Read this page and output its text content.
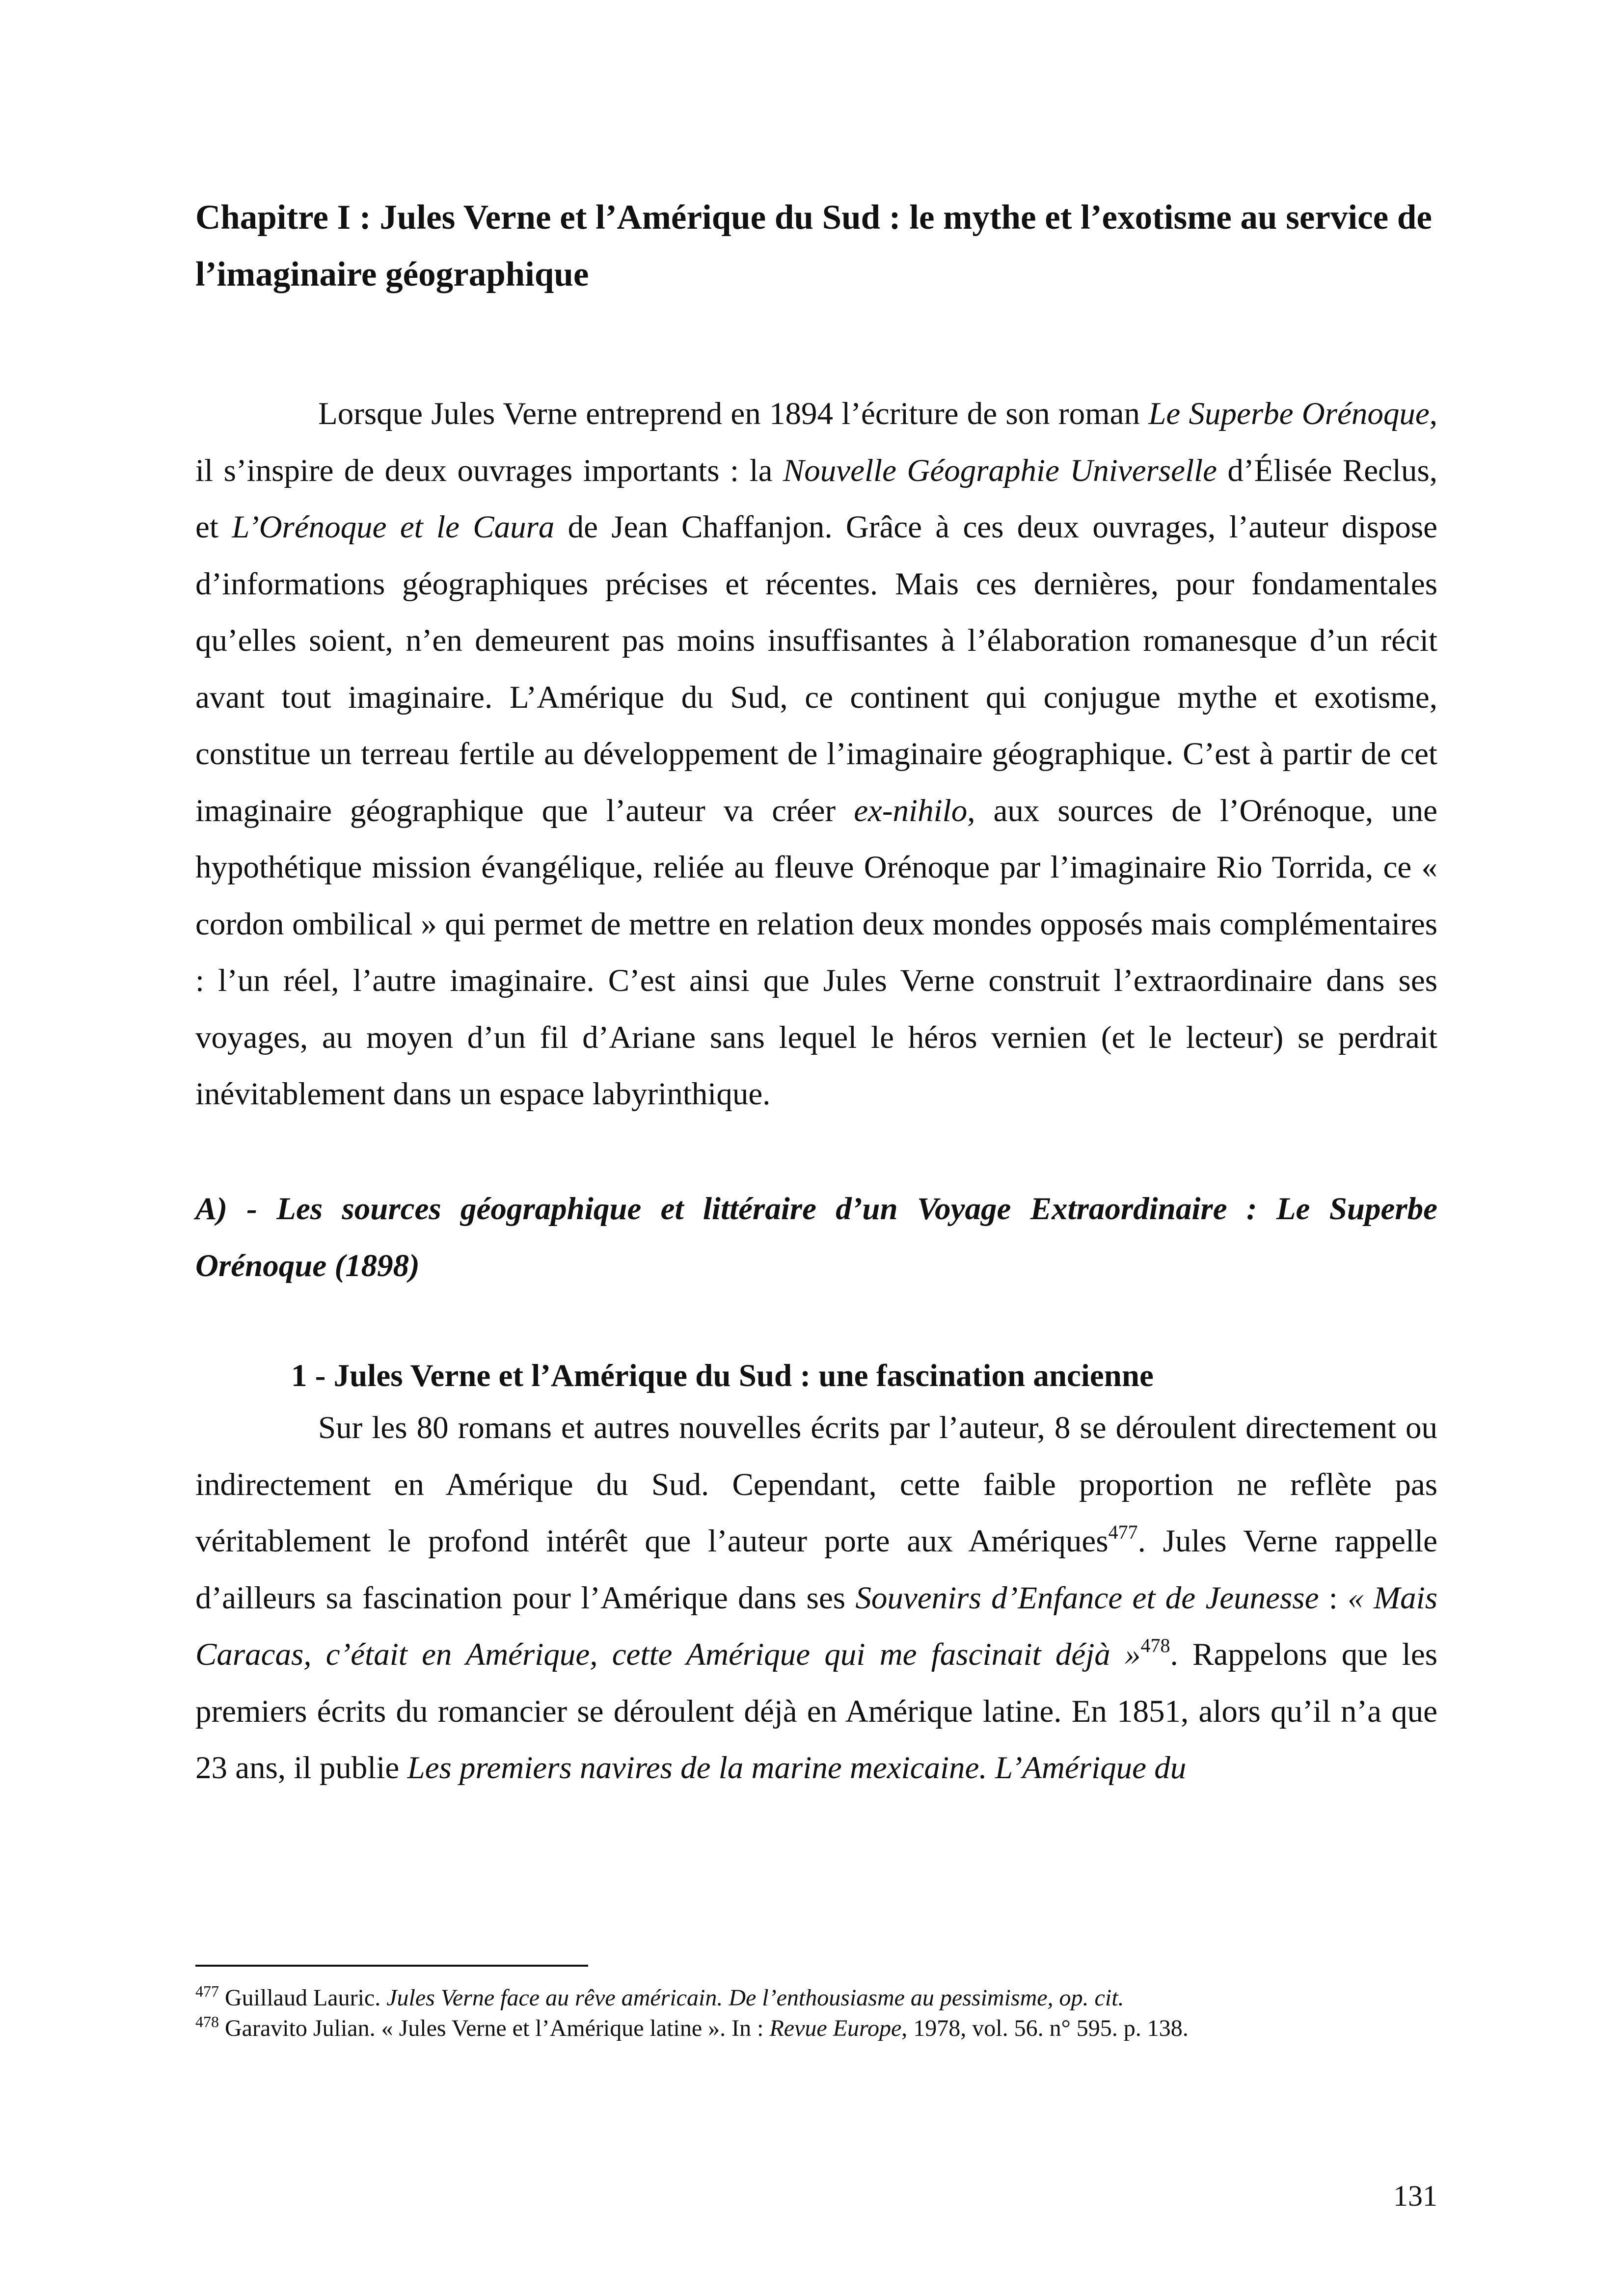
Chapitre I : Jules Verne et l’Amérique du Sud : le mythe et l’exotisme au service de l’imaginaire géographique
Lorsque Jules Verne entreprend en 1894 l’écriture de son roman Le Superbe Orénoque, il s’inspire de deux ouvrages importants : la Nouvelle Géographie Universelle d’Élisée Reclus, et L’Orénoque et le Caura de Jean Chaffanjon. Grâce à ces deux ouvrages, l’auteur dispose d’informations géographiques précises et récentes. Mais ces dernières, pour fondamentales qu’elles soient, n’en demeurent pas moins insuffisantes à l’élaboration romanesque d’un récit avant tout imaginaire. L’Amérique du Sud, ce continent qui conjugue mythe et exotisme, constitue un terreau fertile au développement de l’imaginaire géographique. C’est à partir de cet imaginaire géographique que l’auteur va créer ex-nihilo, aux sources de l’Orénoque, une hypothétique mission évangélique, reliée au fleuve Orénoque par l’imaginaire Rio Torrida, ce « cordon ombilical » qui permet de mettre en relation deux mondes opposés mais complémentaires : l’un réel, l’autre imaginaire. C’est ainsi que Jules Verne construit l’extraordinaire dans ses voyages, au moyen d’un fil d’Ariane sans lequel le héros vernien (et le lecteur) se perdrait inévitablement dans un espace labyrinthique.
A) - Les sources géographique et littéraire d’un Voyage Extraordinaire : Le Superbe Orénoque (1898)
1 - Jules Verne et l’Amérique du Sud : une fascination ancienne
Sur les 80 romans et autres nouvelles écrits par l’auteur, 8 se déroulent directement ou indirectement en Amérique du Sud. Cependant, cette faible proportion ne reflète pas véritablement le profond intérêt que l’auteur porte aux Amériques$^{477}$. Jules Verne rappelle d’ailleurs sa fascination pour l’Amérique dans ses Souvenirs d’Enfance et de Jeunesse : « Mais Caracas, c’était en Amérique, cette Amérique qui me fascinait déjà »$^{478}$. Rappelons que les premiers écrits du romancier se déroulent déjà en Amérique latine. En 1851, alors qu’il n’a que 23 ans, il publie Les premiers navires de la marine mexicaine. L’Amérique du
$^{477}$ Guillaud Lauric. Jules Verne face au rêve américain. De l’enthousiasme au pessimisme, op. cit.
$^{478}$ Garavito Julian. « Jules Verne et l’Amérique latine ». In : Revue Europe, 1978, vol. 56. n° 595. p. 138.
131
